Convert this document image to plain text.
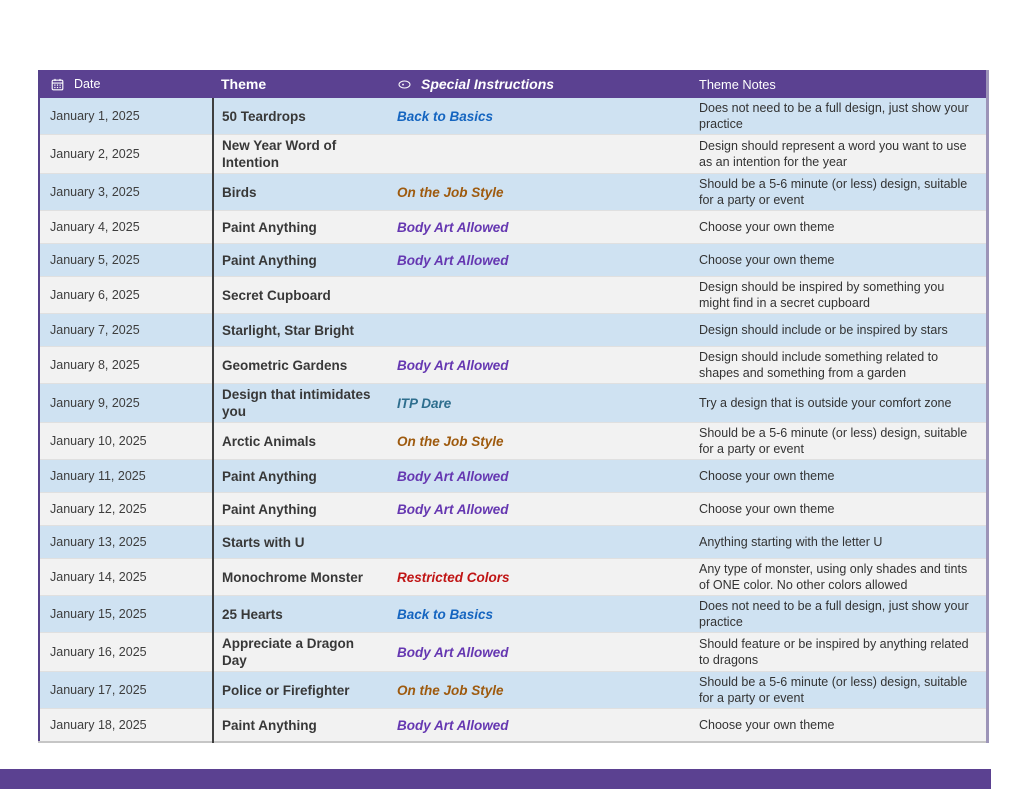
Date	Theme	Special Instructions	Theme Notes
January 1, 2025	50 Teardrops	Back to Basics	Does not need to be a full design, just show your practice
January 2, 2025	New Year Word of Intention		Design should represent a word you want to use as an intention for the year
January 3, 2025	Birds	On the Job Style	Should be a 5-6 minute (or less) design, suitable for a party or event
January 4, 2025	Paint Anything	Body Art Allowed	Choose your own theme
January 5, 2025	Paint Anything	Body Art Allowed	Choose your own theme
January 6, 2025	Secret Cupboard		Design should be inspired by something you might find in a secret cupboard
January 7, 2025	Starlight, Star Bright		Design should include or be inspired by stars
January 8, 2025	Geometric Gardens	Body Art Allowed	Design should include something related to shapes and something from a garden
January 9, 2025	Design that intimidates you	ITP Dare	Try a design that is outside your comfort zone
January 10, 2025	Arctic Animals	On the Job Style	Should be a 5-6 minute (or less) design, suitable for a party or event
January 11, 2025	Paint Anything	Body Art Allowed	Choose your own theme
January 12, 2025	Paint Anything	Body Art Allowed	Choose your own theme
January 13, 2025	Starts with U		Anything starting with the letter U
January 14, 2025	Monochrome Monster	Restricted Colors	Any type of monster, using only shades and tints of ONE color. No other colors allowed
January 15, 2025	25 Hearts	Back to Basics	Does not need to be a full design, just show your practice
January 16, 2025	Appreciate a Dragon Day	Body Art Allowed	Should feature or be inspired by anything related to dragons
January 17, 2025	Police or Firefighter	On the Job Style	Should be a 5-6 minute (or less) design, suitable for a party or event
January 18, 2025	Paint Anything	Body Art Allowed	Choose your own theme
